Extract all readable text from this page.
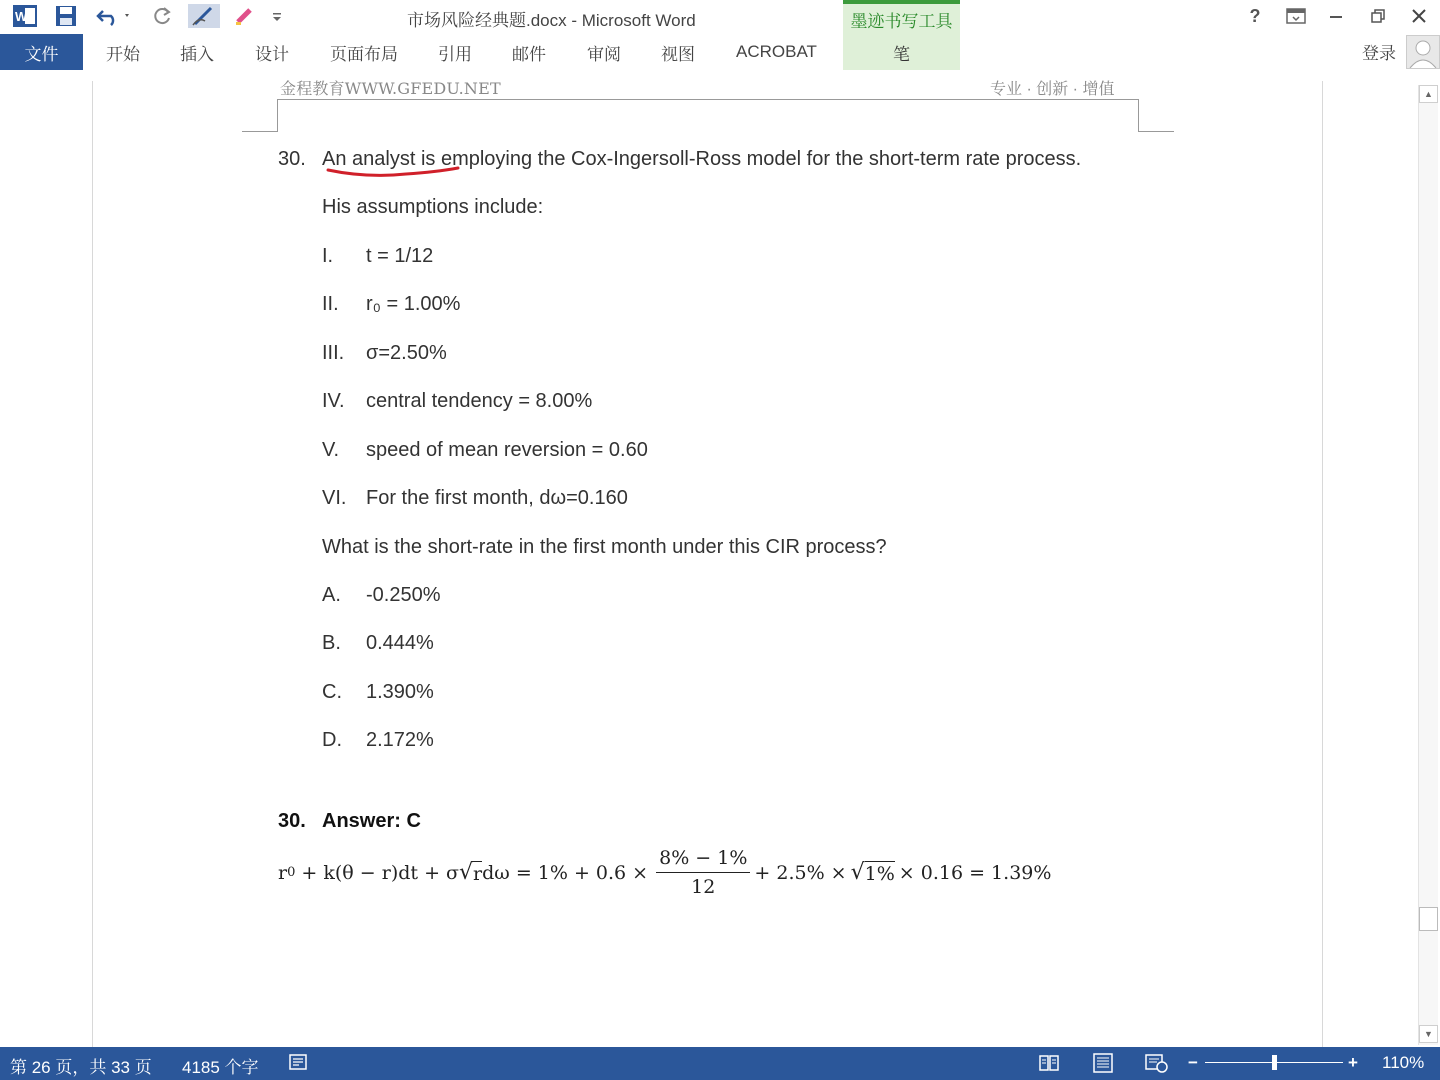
W	市场风险经典题.docx - Microsoft Word	墨迹书写工具	?
文件	开始 插入 设计 页面布局 引用 邮件 审阅 视图 ACROBAT	笔	登录
金程教育WWW.GFEDU.NET	专业 · 创新 · 增值
30. An analyst is employing the Cox-Ingersoll-Ross model for the short-term rate process.
His assumptions include:
I. t = 1/12
II. r₀ = 1.00%
III. σ=2.50%
IV. central tendency = 8.00%
V. speed of mean reversion = 0.60
VI. For the first month, dω=0.160
What is the short-rate in the first month under this CIR process?
A. -0.250%
B. 0.444%
C. 1.390%
D. 2.172%
30. Answer: C
r 0 + k(θ − r)dt + σ √ r $d\omega = 1\% + 0.6 \times \frac{8\% - 1\%}{12} + 2.5\%$ × √ 1% × 0.16 = 1.39%
▲
▼
第 26 页，共 33 页 4185 个字	−	+ 110%
